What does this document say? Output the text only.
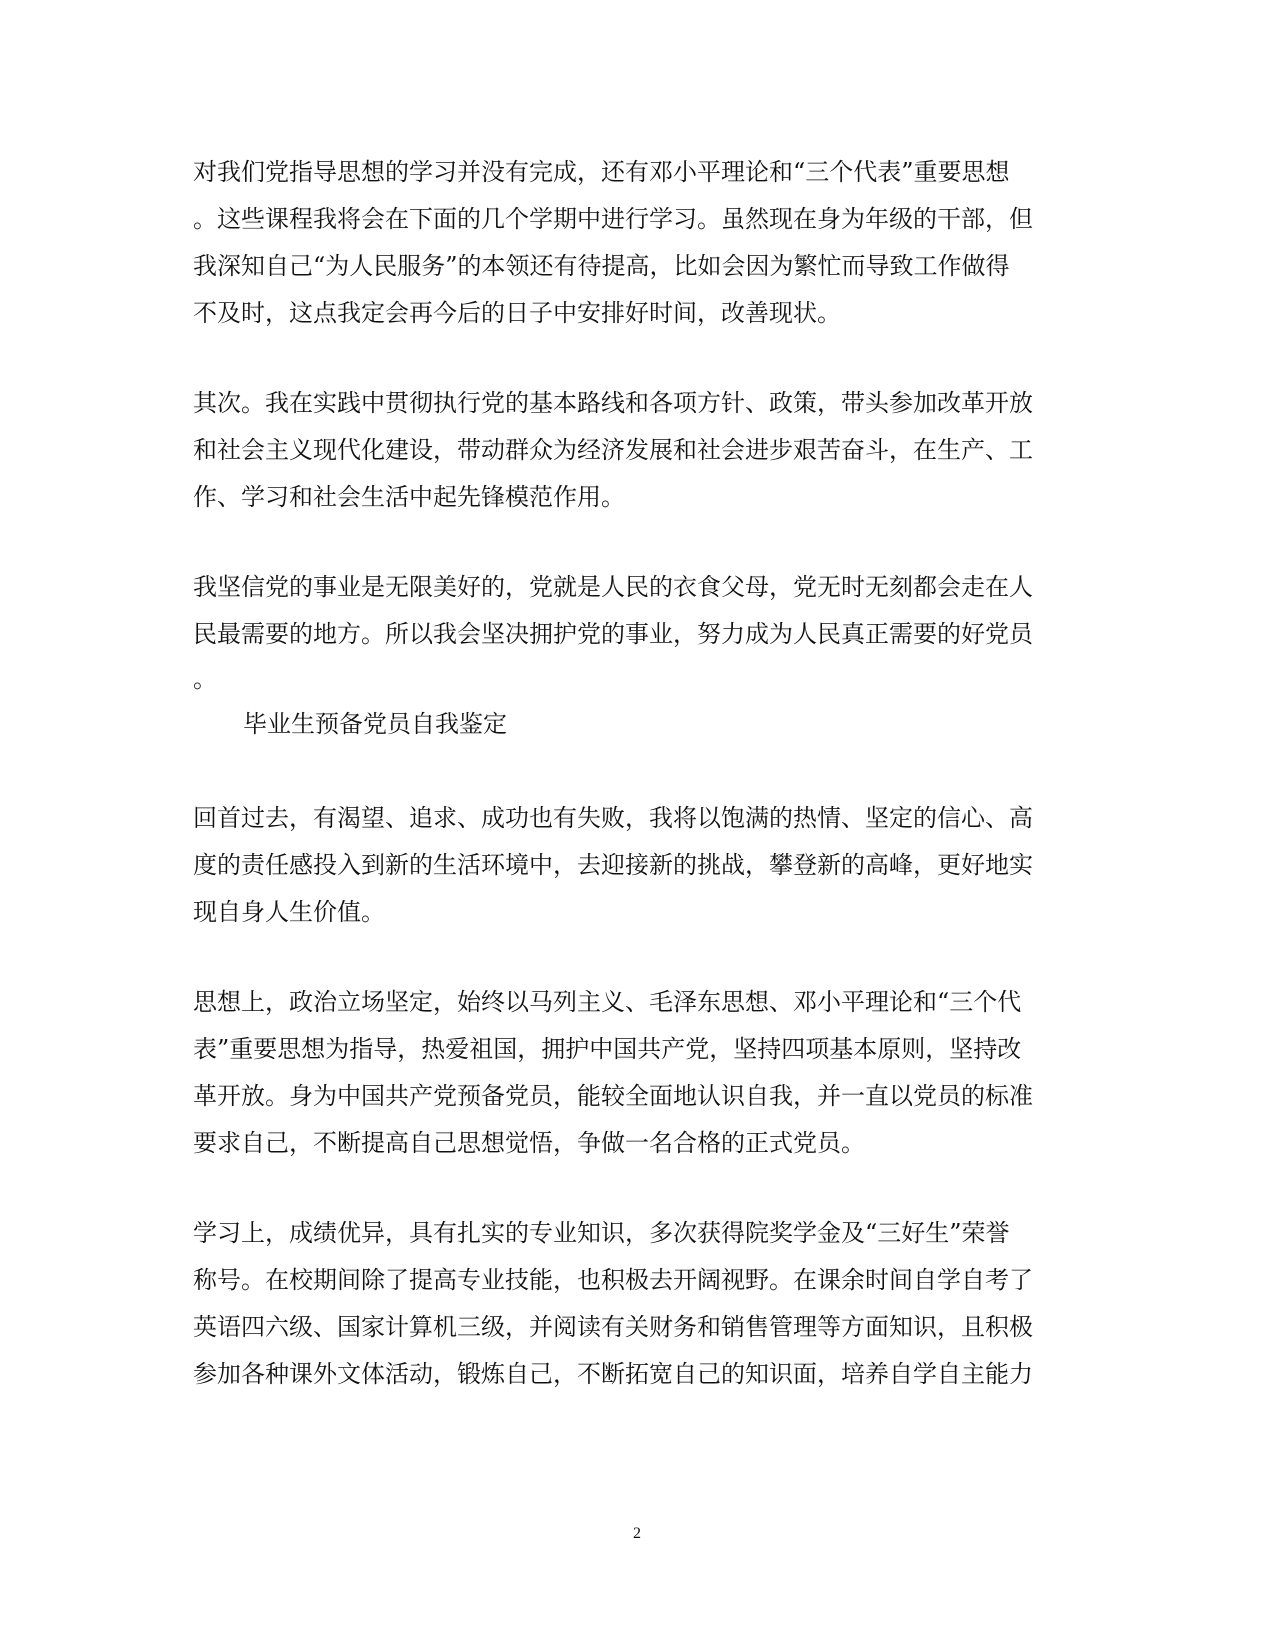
对我们党指导思想的学习并没有完成，还有邓小平理论和“三个代表”重要思想
。这些课程我将会在下面的几个学期中进行学习。虽然现在身为年级的干部，但
我深知自己“为人民服务”的本领还有待提高，比如会因为繁忙而导致工作做得
不及时，这点我定会再今后的日子中安排好时间，改善现状。
其次。我在实践中贯彻执行党的基本路线和各项方针、政策，带头参加改革开放
和社会主义现代化建设，带动群众为经济发展和社会进步艰苦奋斗，在生产、工
作、学习和社会生活中起先锋模范作用。
我坚信党的事业是无限美好的，党就是人民的衣食父母，党无时无刻都会走在人
民最需要的地方。所以我会坚决拥护党的事业，努力成为人民真正需要的好党员
。
毕业生预备党员自我鉴定
回首过去，有渴望、追求、成功也有失败，我将以饱满的热情、坚定的信心、高
度的责任感投入到新的生活环境中，去迎接新的挑战，攀登新的高峰，更好地实
现自身人生价值。
思想上，政治立场坚定，始终以马列主义、毛泽东思想、邓小平理论和“三个代
表”重要思想为指导，热爱祖国，拥护中国共产党，坚持四项基本原则，坚持改
革开放。身为中国共产党预备党员，能较全面地认识自我，并一直以党员的标准
要求自己，不断提高自己思想觉悟，争做一名合格的正式党员。
学习上，成绩优异，具有扎实的专业知识，多次获得院奖学金及“三好生”荣誉
称号。在校期间除了提高专业技能，也积极去开阔视野。在课余时间自学自考了
英语四六级、国家计算机三级，并阅读有关财务和销售管理等方面知识，且积极
参加各种课外文体活动，锻炼自己，不断拓宽自己的知识面，培养自学自主能力
2
